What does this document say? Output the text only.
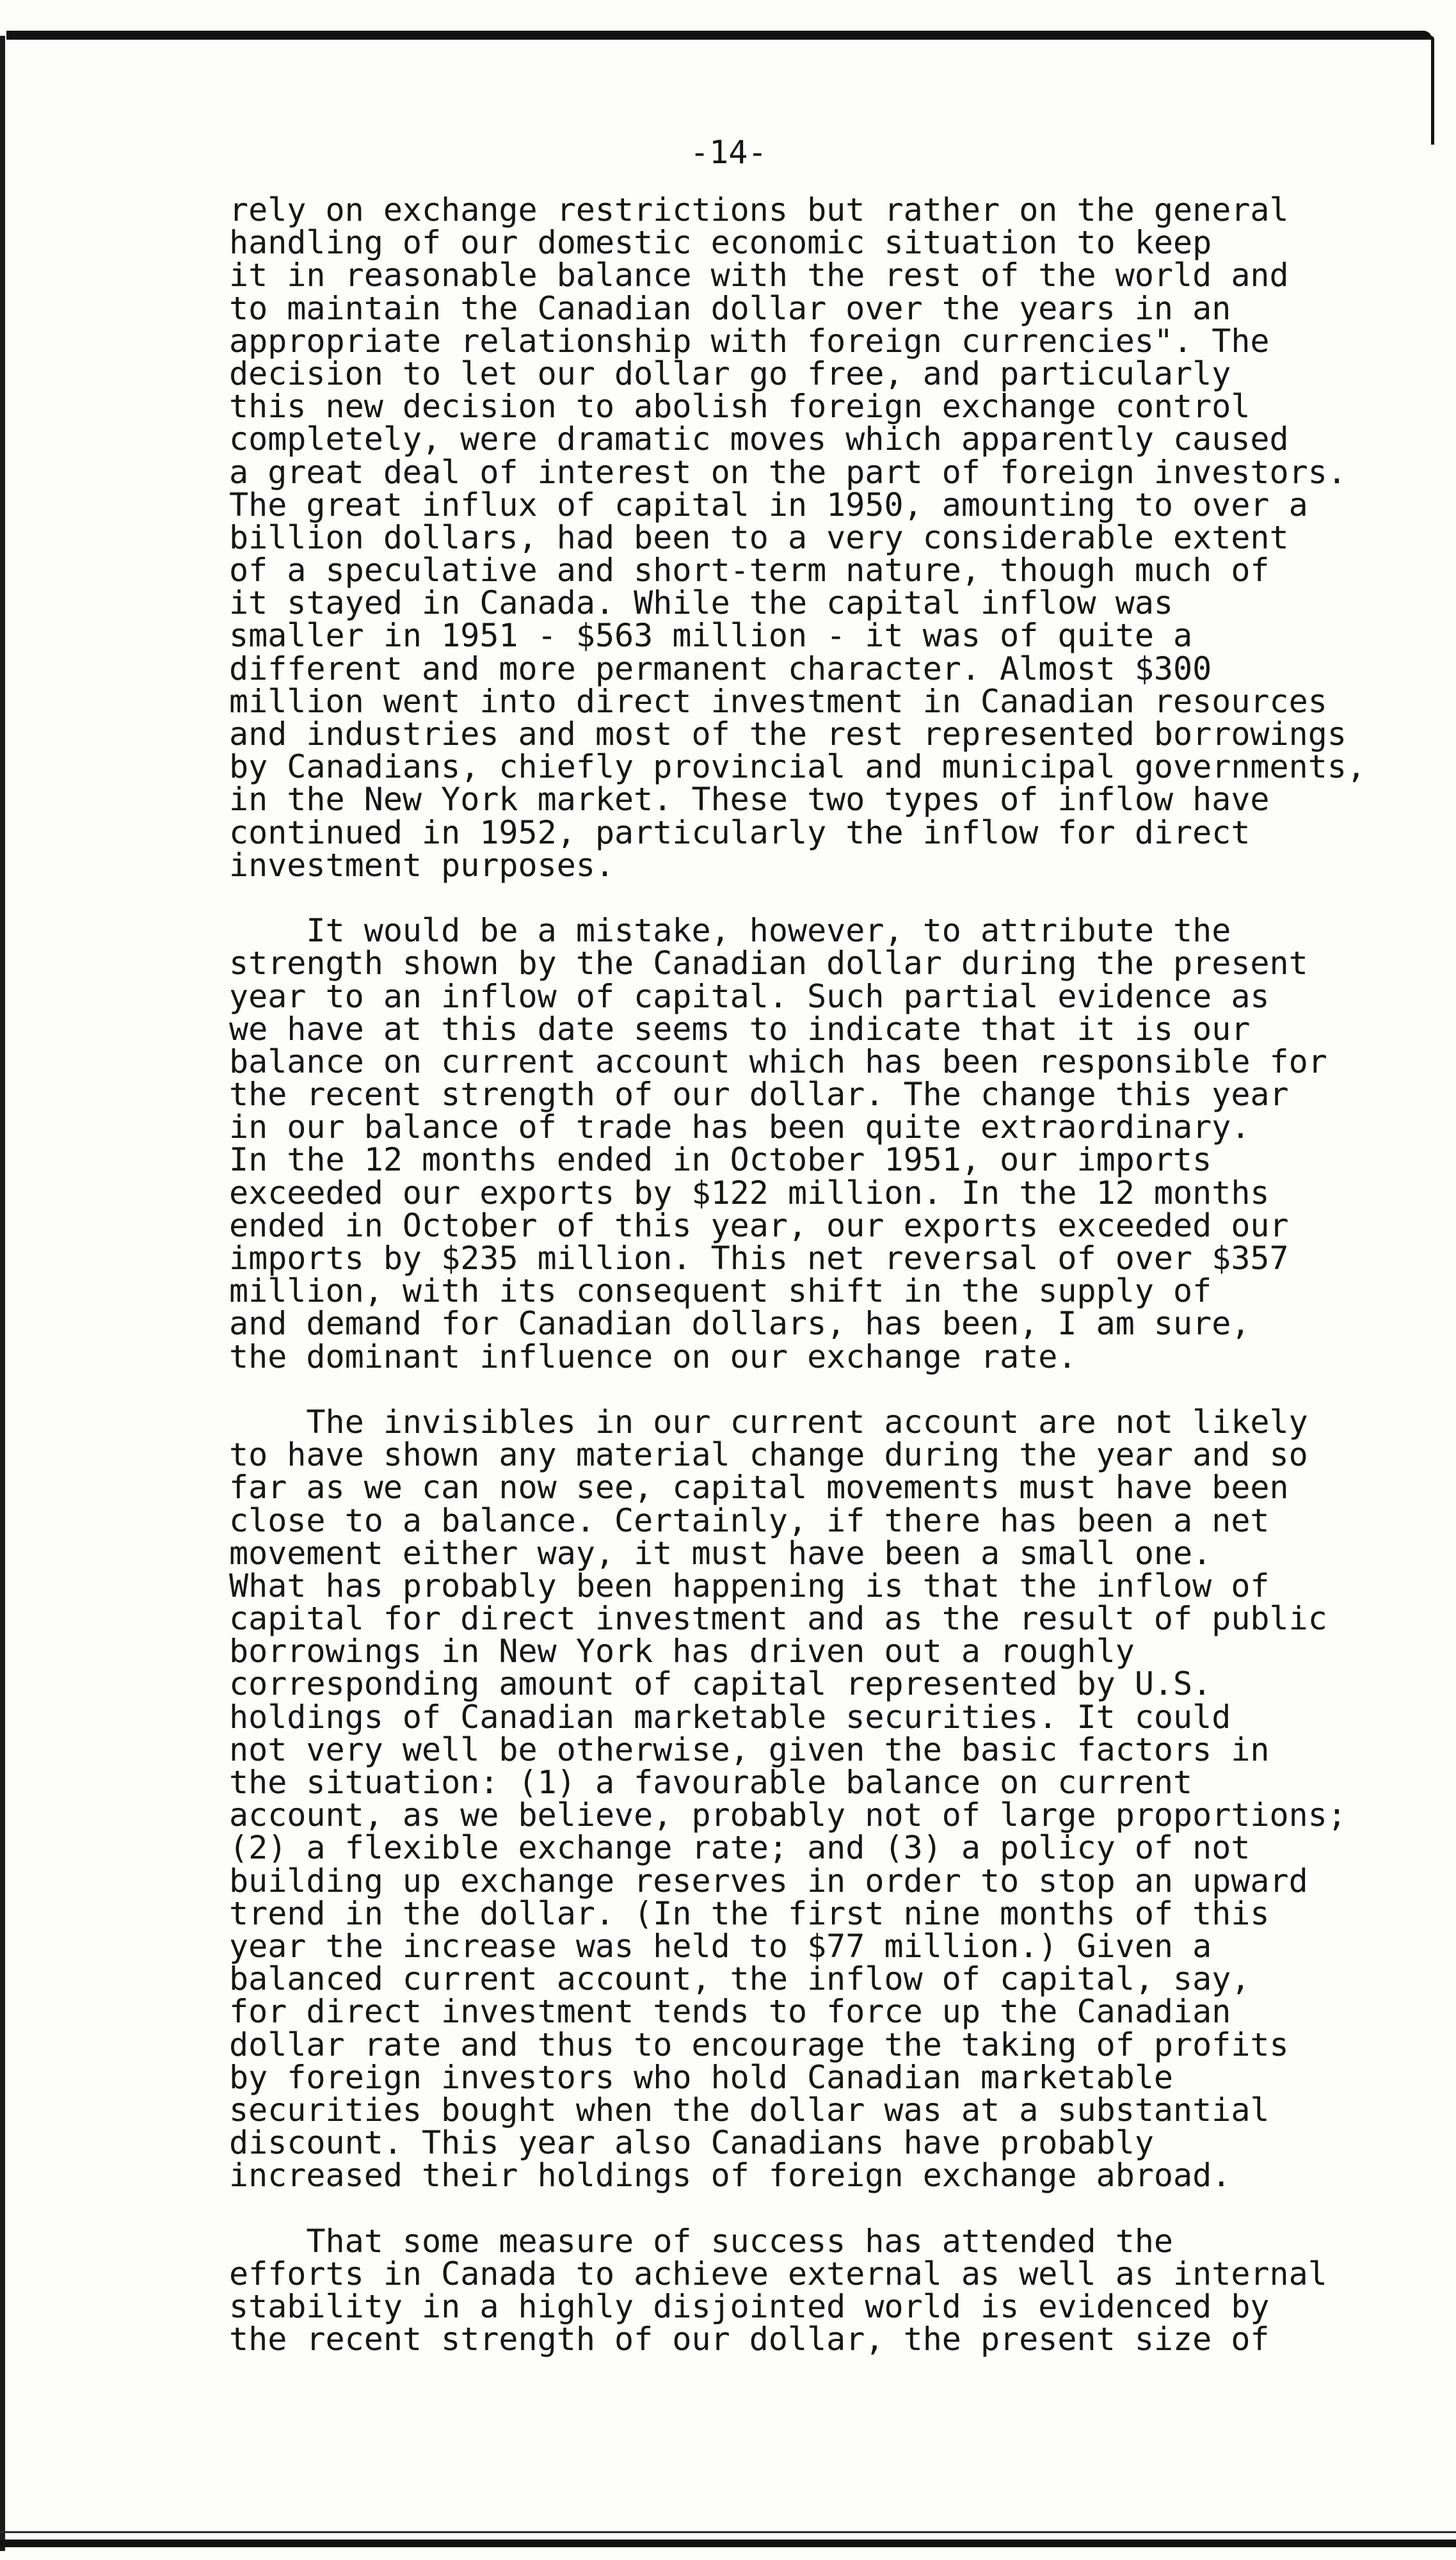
-14-
rely on exchange restrictions but rather on the general
handling of our domestic economic situation to keep
it in reasonable balance with the rest of the world and
to maintain the Canadian dollar over the years in an
appropriate relationship with foreign currencies". The
decision to let our dollar go free, and particularly
this new decision to abolish foreign exchange control
completely, were dramatic moves which apparently caused
a great deal of interest on the part of foreign investors.
The great influx of capital in 1950, amounting to over a
billion dollars, had been to a very considerable extent
of a speculative and short-term nature, though much of
it stayed in Canada. While the capital inflow was
smaller in 1951 - $563 million - it was of quite a
different and more permanent character. Almost $300
million went into direct investment in Canadian resources
and industries and most of the rest represented borrowings
by Canadians, chiefly provincial and municipal governments,
in the New York market. These two types of inflow have
continued in 1952, particularly the inflow for direct
investment purposes.
It would be a mistake, however, to attribute the
strength shown by the Canadian dollar during the present
year to an inflow of capital. Such partial evidence as
we have at this date seems to indicate that it is our
balance on current account which has been responsible for
the recent strength of our dollar. The change this year
in our balance of trade has been quite extraordinary.
In the 12 months ended in October 1951, our imports
exceeded our exports by $122 million. In the 12 months
ended in October of this year, our exports exceeded our
imports by $235 million. This net reversal of over $357
million, with its consequent shift in the supply of
and demand for Canadian dollars, has been, I am sure,
the dominant influence on our exchange rate.
The invisibles in our current account are not likely
to have shown any material change during the year and so
far as we can now see, capital movements must have been
close to a balance. Certainly, if there has been a net
movement either way, it must have been a small one.
What has probably been happening is that the inflow of
capital for direct investment and as the result of public
borrowings in New York has driven out a roughly
corresponding amount of capital represented by U.S.
holdings of Canadian marketable securities. It could
not very well be otherwise, given the basic factors in
the situation: (1) a favourable balance on current
account, as we believe, probably not of large proportions;
(2) a flexible exchange rate; and (3) a policy of not
building up exchange reserves in order to stop an upward
trend in the dollar. (In the first nine months of this
year the increase was held to $77 million.) Given a
balanced current account, the inflow of capital, say,
for direct investment tends to force up the Canadian
dollar rate and thus to encourage the taking of profits
by foreign investors who hold Canadian marketable
securities bought when the dollar was at a substantial
discount. This year also Canadians have probably
increased their holdings of foreign exchange abroad.
That some measure of success has attended the
efforts in Canada to achieve external as well as internal
stability in a highly disjointed world is evidenced by
the recent strength of our dollar, the present size of
